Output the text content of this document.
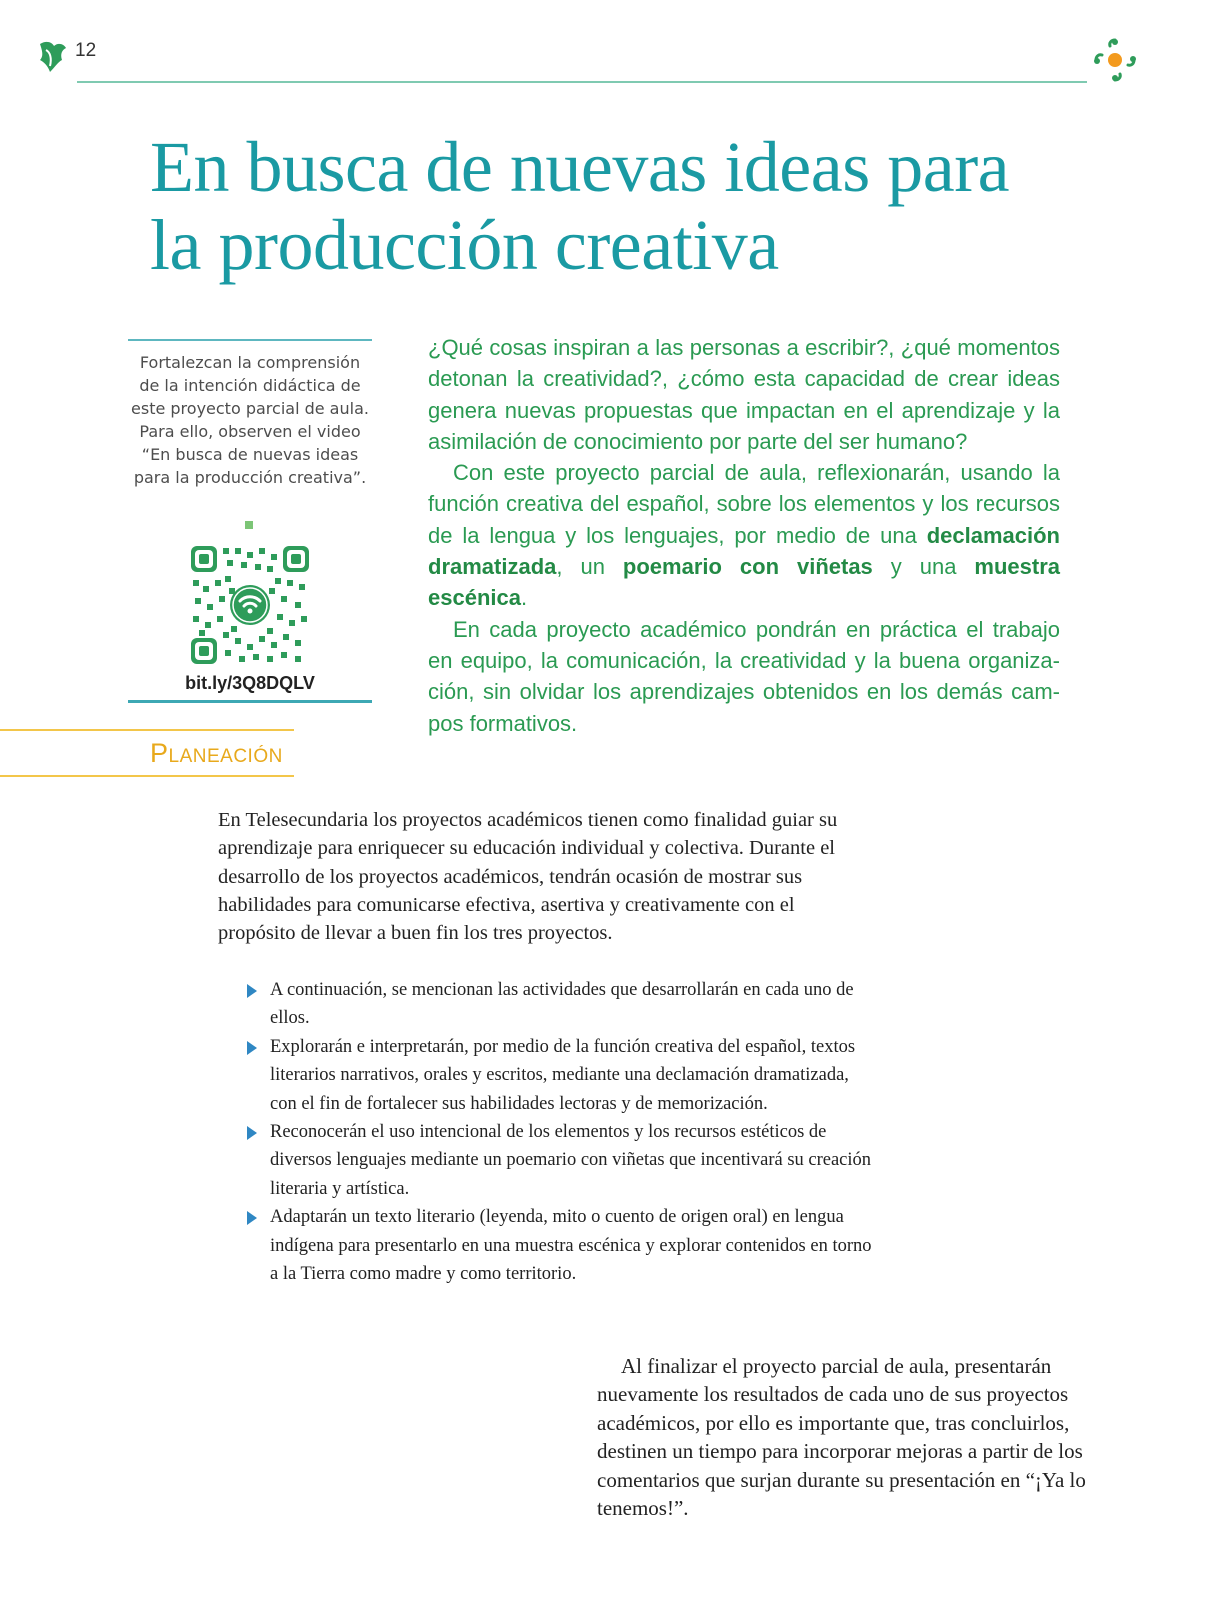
12
En busca de nuevas ideas para
la producción creativa

Fortalezcan la comprensión de la intención didáctica de este proyecto parcial de aula. Para ello, observen el video “En busca de nuevas ideas para la producción creativa”.

bit.ly/3Q8DQLV

¿Qué cosas inspiran a las personas a escribir?, ¿qué momentos detonan la creatividad?, ¿cómo esta capacidad de crear ideas genera nuevas propuestas que impactan en el aprendizaje y la asimilación de conocimiento por parte del ser humano?

Con este proyecto parcial de aula, reflexionarán, usando la función creativa del español, sobre los elementos y los recursos de la lengua y los lenguajes, por medio de una declamación dramatizada, un poemario con viñetas y una muestra escénica.

En cada proyecto académico pondrán en práctica el trabajo en equipo, la comunicación, la creatividad y la buena organización, sin olvidar los aprendizajes obtenidos en los demás campos formativos.

Planeación

En Telesecundaria los proyectos académicos tienen como finalidad guiar su aprendizaje para enriquecer su educación individual y colectiva. Durante el desarrollo de los proyectos académicos, tendrán ocasión de mostrar sus habilidades para comunicarse efectiva, asertiva y creativamente con el propósito de llevar a buen fin los tres proyectos.

A continuación, se mencionan las actividades que desarrollarán en cada uno de ellos.
Explorarán e interpretarán, por medio de la función creativa del español, textos literarios narrativos, orales y escritos, mediante una declamación dramatizada, con el fin de fortalecer sus habilidades lectoras y de memorización.
Reconocerán el uso intencional de los elementos y los recursos estéticos de diversos lenguajes mediante un poemario con viñetas que incentivará su creación literaria y artística.
Adaptarán un texto literario (leyenda, mito o cuento de origen oral) en lengua indígena para presentarlo en una muestra escénica y explorar contenidos en torno a la Tierra como madre y como territorio.

Al finalizar el proyecto parcial de aula, presentarán nuevamente los resultados de cada uno de sus proyectos académicos, por ello es importante que, tras concluirlos, destinen un tiempo para incorporar mejoras a partir de los comentarios que surjan durante su presentación en “¡Ya lo tenemos!”.
